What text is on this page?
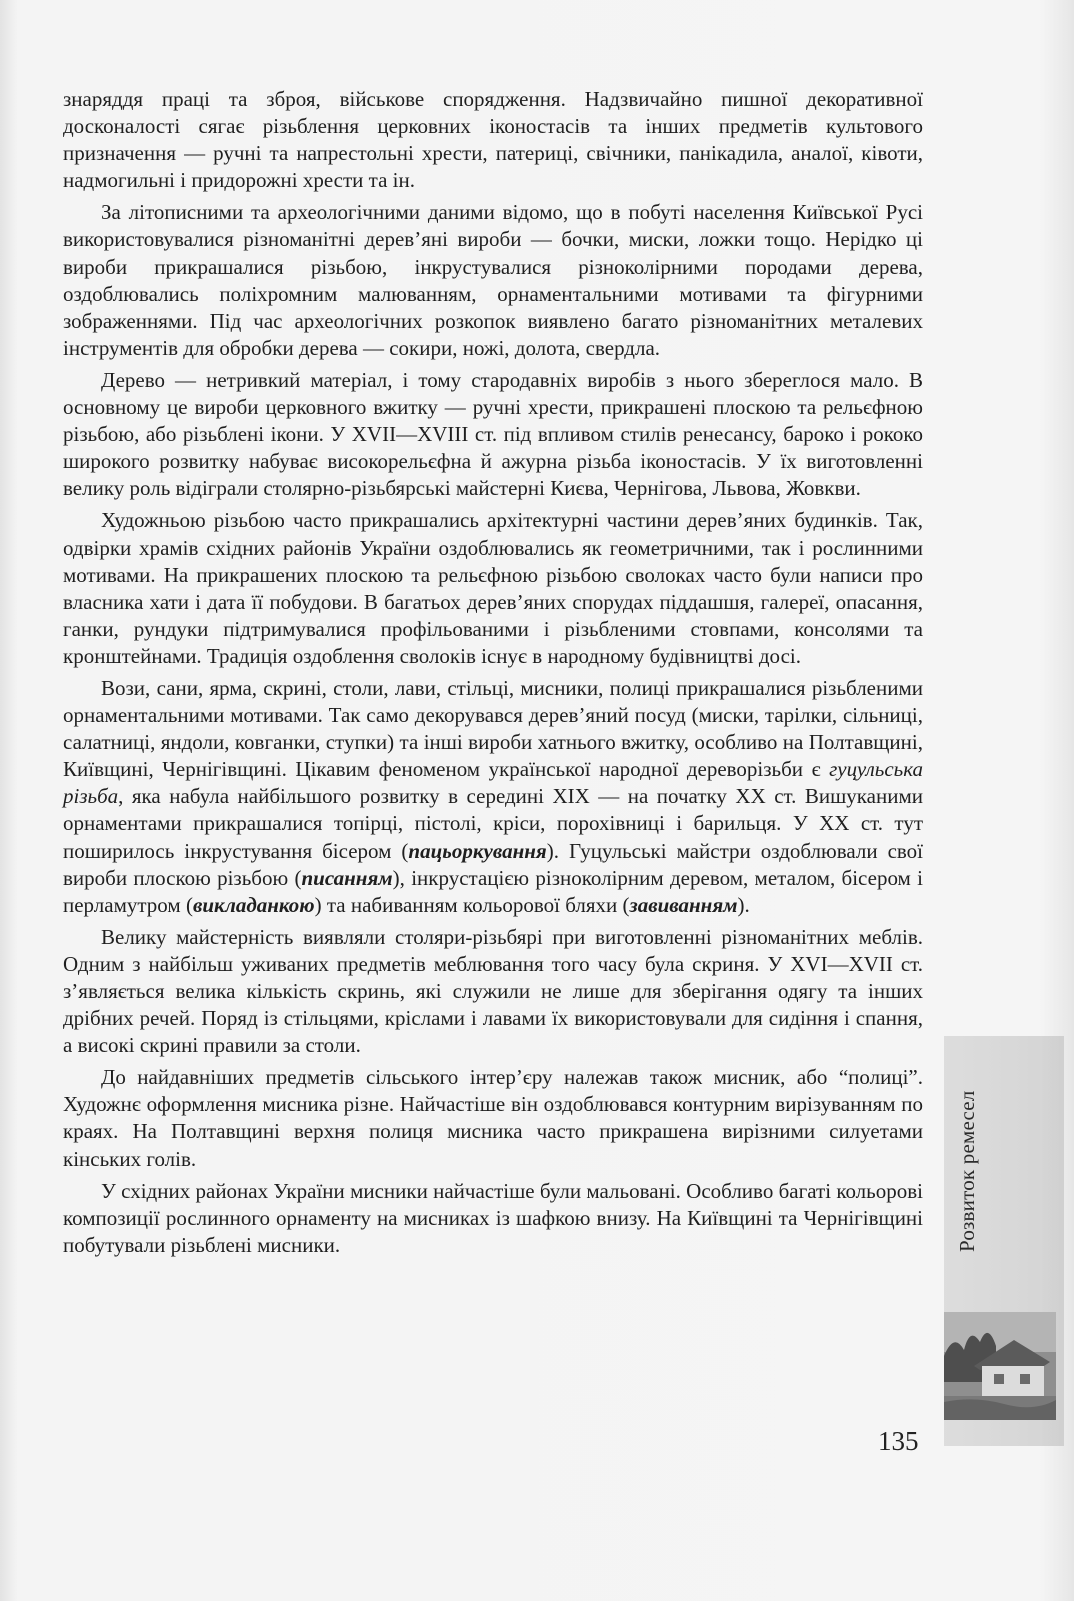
знаряддя праці та зброя, військове спорядження. Надзвичайно пишної декоративної досконалості сягає різьблення церковних іконостасів та інших предметів культового призначення — ручні та напрестольні хрести, патериці, свічники, панікадила, аналої, ківоти, надмогильні і придорожні хрести та ін.

За літописними та археологічними даними відомо, що в побуті населення Київської Русі використовувалися різноманітні дерев’яні вироби — бочки, миски, ложки тощо. Нерідко ці вироби прикрашалися різьбою, інкрустувалися різноколірними породами дерева, оздоблювались поліхромним малюванням, орнаментальними мотивами та фігурними зображеннями. Під час археологічних розкопок виявлено багато різноманітних металевих інструментів для обробки дерева — сокири, ножі, долота, свердла.

Дерево — нетривкий матеріал, і тому стародавніх виробів з нього збереглося мало. В основному це вироби церковного вжитку — ручні хрести, прикрашені плоскою та рельєфною різьбою, або різьблені ікони. У XVII—XVIII ст. під впливом стилів ренесансу, бароко і рококо широкого розвитку набуває високорельєфна й ажурна різьба іконостасів. У їх виготовленні велику роль відіграли столярно-різьбярські майстерні Києва, Чернігова, Львова, Жовкви.

Художньою різьбою часто прикрашались архітектурні частини дерев’яних будинків. Так, одвірки храмів східних районів України оздоблювались як геометричними, так і рослинними мотивами. На прикрашених плоскою та рельєфною різьбою сволоках часто були написи про власника хати і дата її побудови. В багатьох дерев’яних спорудах піддашшя, галереї, опасання, ганки, рундуки підтримувалися профільованими і різьбленими стовпами, консолями та кронштейнами. Традиція оздоблення сволоків існує в народному будівництві досі.

Вози, сани, ярма, скрині, столи, лави, стільці, мисники, полиці прикрашалися різьбленими орнаментальними мотивами. Так само декорувався дерев’яний посуд (миски, тарілки, сільниці, салатниці, яндоли, ковганки, ступки) та інші вироби хатнього вжитку, особливо на Полтавщині, Київщині, Чернігівщині. Цікавим феноменом української народної дереворізьби є гуцульська різьба, яка набула найбільшого розвитку в середині XIX — на початку XX ст. Вишуканими орнаментами прикрашалися топірці, пістолі, кріси, порохівниці і барильця. У XX ст. тут поширилось інкрустування бісером (пацьоркування). Гуцульські майстри оздоблювали свої вироби плоскою різьбою (писанням), інкрустацією різноколірним деревом, металом, бісером і перламутром (викладанкою) та набиванням кольорової бляхи (завиванням).

Велику майстерність виявляли столяри-різьбярі при виготовленні різноманітних меблів. Одним з найбільш уживаних предметів меблювання того часу була скриня. У XVI—XVII ст. з’являється велика кількість скринь, які служили не лише для зберігання одягу та інших дрібних речей. Поряд із стільцями, кріслами і лавами їх використовували для сидіння і спання, а високі скрині правили за столи.

До найдавніших предметів сільського інтер’єру належав також мисник, або “полиці”. Художнє оформлення мисника різне. Найчастіше він оздоблювався контурним вирізуванням по краях. На Полтавщині верхня полиця мисника часто прикрашена вирізними силуетами кінських голів.

У східних районах України мисники найчастіше були мальовані. Особливо багаті кольорові композиції рослинного орнаменту на мисниках із шафкою внизу. На Київщині та Чернігівщині побутували різьблені мисники.	Розвиток ремесел
135
